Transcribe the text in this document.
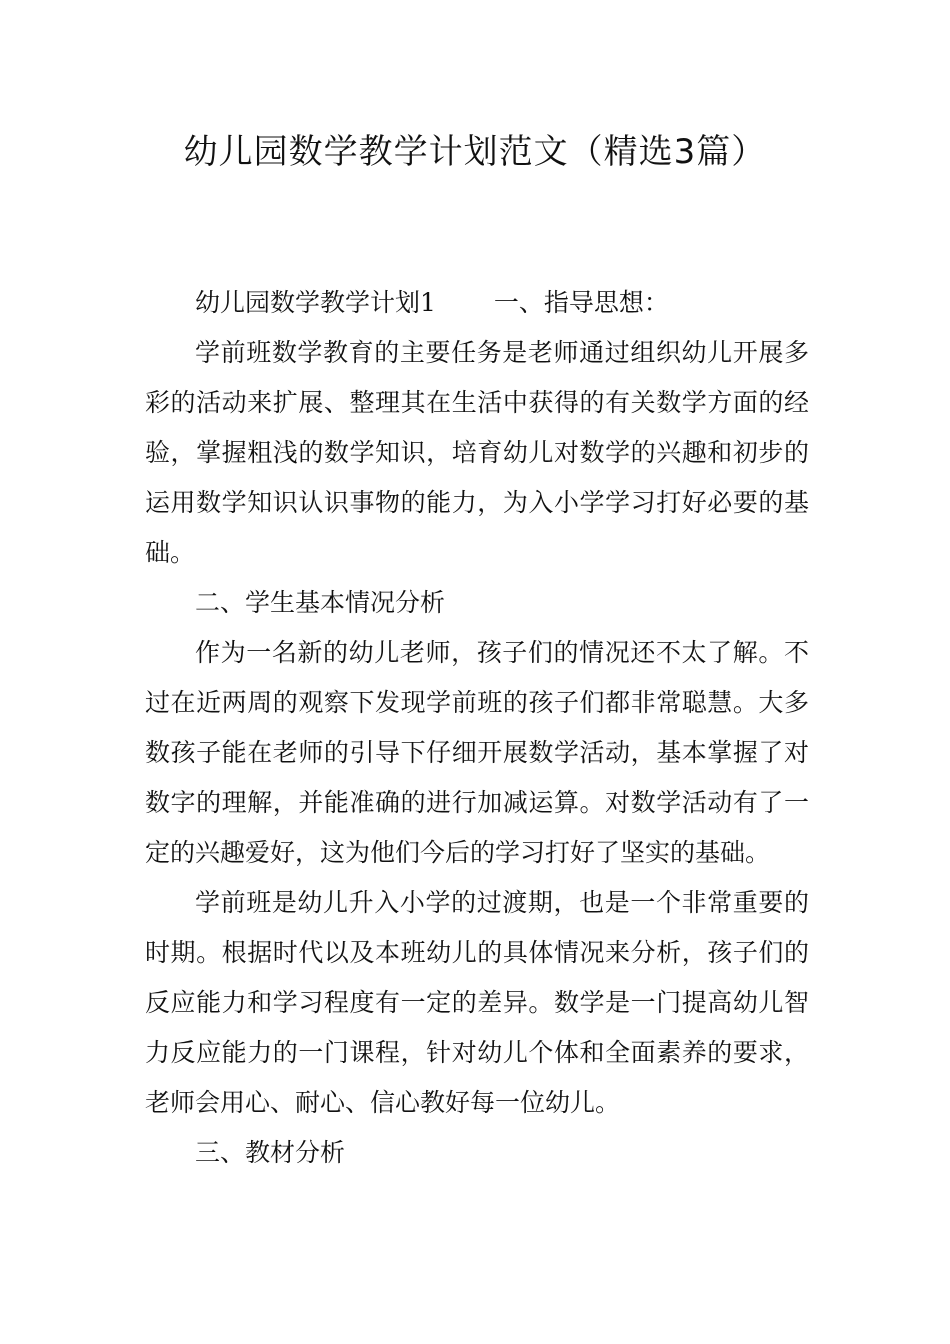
幼儿园数学教学计划范文（精选3篇）

幼儿园数学教学计划1 一、指导思想：

学前班数学教育的主要任务是老师通过组织幼儿开展多彩的活动来扩展、整理其在生活中获得的有关数学方面的经验，掌握粗浅的数学知识，培育幼儿对数学的兴趣和初步的运用数学知识认识事物的能力，为入小学学习打好必要的基础。

二、学生基本情况分析

作为一名新的幼儿老师，孩子们的情况还不太了解。不过在近两周的观察下发现学前班的孩子们都非常聪慧。大多数孩子能在老师的引导下仔细开展数学活动，基本掌握了对数字的理解，并能准确的进行加减运算。对数学活动有了一定的兴趣爱好，这为他们今后的学习打好了坚实的基础。

学前班是幼儿升入小学的过渡期，也是一个非常重要的时期。根据时代以及本班幼儿的具体情况来分析，孩子们的反应能力和学习程度有一定的差异。数学是一门提高幼儿智力反应能力的一门课程，针对幼儿个体和全面素养的要求，老师会用心、耐心、信心教好每一位幼儿。

三、教材分析
